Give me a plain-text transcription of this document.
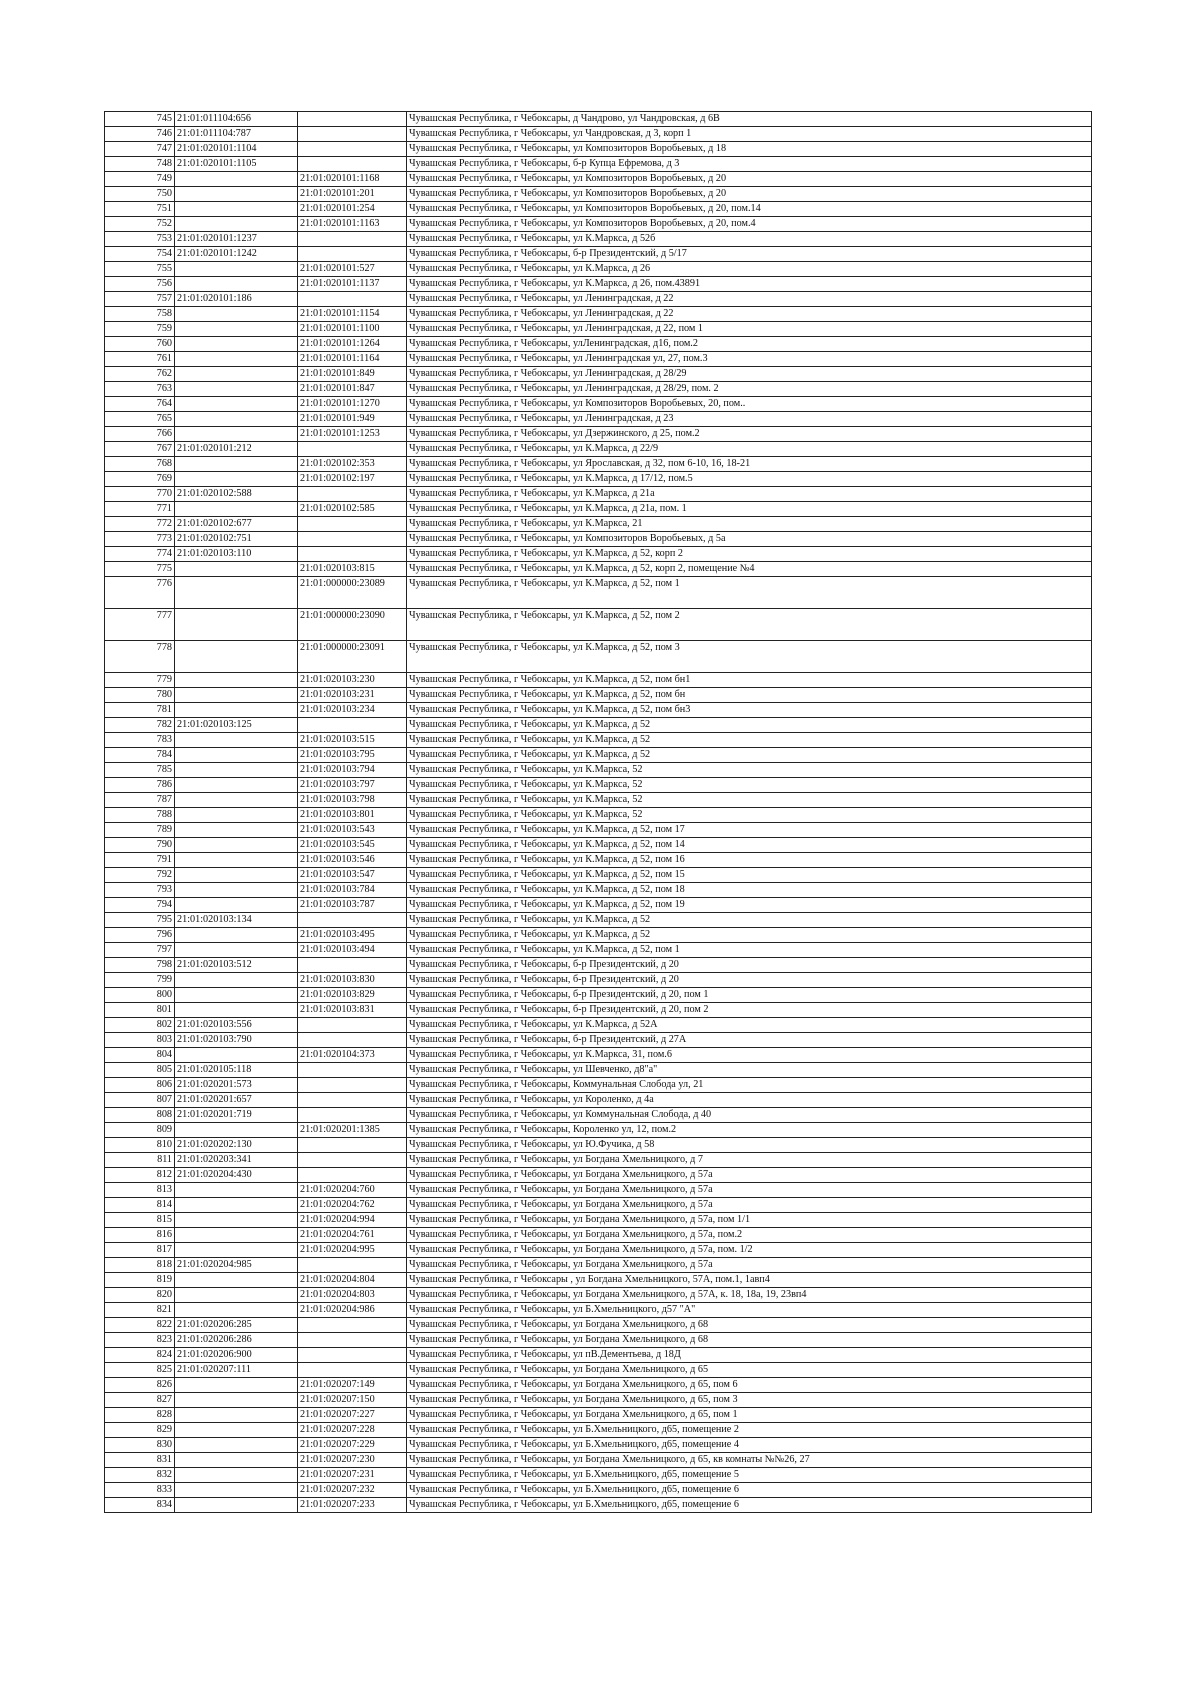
745	21:01:011104:656		Чувашская Республика, г Чебоксары, д Чандрово, ул Чандровская, д 6В
746	21:01:011104:787		Чувашская Республика, г Чебоксары, ул Чандровская, д 3, корп 1
747	21:01:020101:1104		Чувашская Республика, г Чебоксары, ул Композиторов Воробьевых, д 18
748	21:01:020101:1105		Чувашская Республика, г Чебоксары, б-р Купца Ефремова, д 3
749		21:01:020101:1168	Чувашская Республика, г Чебоксары, ул Композиторов Воробьевых, д 20
750		21:01:020101:201	Чувашская Республика, г Чебоксары, ул Композиторов Воробьевых, д 20
751		21:01:020101:254	Чувашская Республика, г Чебоксары, ул Композиторов Воробьевых, д 20, пом.14
752		21:01:020101:1163	Чувашская Республика, г Чебоксары, ул Композиторов Воробьевых, д 20, пом.4
753	21:01:020101:1237		Чувашская Республика, г Чебоксары, ул К.Маркса, д 52б
754	21:01:020101:1242		Чувашская Республика, г Чебоксары, б-р Президентский, д 5/17
755		21:01:020101:527	Чувашская Республика, г Чебоксары, ул К.Маркса, д 26
756		21:01:020101:1137	Чувашская Республика, г Чебоксары, ул К.Маркса, д 26, пом.43891
757	21:01:020101:186		Чувашская Республика, г Чебоксары, ул Ленинградская, д 22
758		21:01:020101:1154	Чувашская Республика, г Чебоксары, ул Ленинградская, д 22
759		21:01:020101:1100	Чувашская Республика, г Чебоксары, ул Ленинградская, д 22, пом 1
760		21:01:020101:1264	Чувашская Республика, г Чебоксары, улЛенинградская, д16, пом.2
761		21:01:020101:1164	Чувашская Республика, г Чебоксары, ул Ленинградская ул, 27, пом.3
762		21:01:020101:849	Чувашская Республика, г Чебоксары, ул Ленинградская, д 28/29
763		21:01:020101:847	Чувашская Республика, г Чебоксары, ул Ленинградская, д 28/29, пом. 2
764		21:01:020101:1270	Чувашская Республика, г Чебоксары, ул Композиторов Воробьевых, 20, пом..
765		21:01:020101:949	Чувашская Республика, г Чебоксары, ул Ленинградская, д 23
766		21:01:020101:1253	Чувашская Республика, г Чебоксары, ул Дзержинского, д 25, пом.2
767	21:01:020101:212		Чувашская Республика, г Чебоксары, ул К.Маркса, д 22/9
768		21:01:020102:353	Чувашская Республика, г Чебоксары, ул Ярославская, д 32, пом 6-10, 16, 18-21
769		21:01:020102:197	Чувашская Республика, г Чебоксары, ул К.Маркса, д 17/12, пом.5
770	21:01:020102:588		Чувашская Республика, г Чебоксары, ул К.Маркса, д 21а
771		21:01:020102:585	Чувашская Республика, г Чебоксары, ул К.Маркса, д 21а, пом. 1
772	21:01:020102:677		Чувашская Республика, г Чебоксары, ул К.Маркса, 21
773	21:01:020102:751		Чувашская Республика, г Чебоксары, ул Композиторов Воробьевых, д 5а
774	21:01:020103:110		Чувашская Республика, г Чебоксары, ул К.Маркса, д 52, корп 2
775		21:01:020103:815	Чувашская Республика, г Чебоксары, ул К.Маркса, д 52, корп 2, помещение №4
776		21:01:000000:23089	Чувашская Республика, г Чебоксары, ул К.Маркса, д 52, пом 1
777		21:01:000000:23090	Чувашская Республика, г Чебоксары, ул К.Маркса, д 52, пом 2
778		21:01:000000:23091	Чувашская Республика, г Чебоксары, ул К.Маркса, д 52, пом 3
779		21:01:020103:230	Чувашская Республика, г Чебоксары, ул К.Маркса, д 52, пом бн1
780		21:01:020103:231	Чувашская Республика, г Чебоксары, ул К.Маркса, д 52, пом бн
781		21:01:020103:234	Чувашская Республика, г Чебоксары, ул К.Маркса, д 52, пом бн3
782	21:01:020103:125		Чувашская Республика, г Чебоксары, ул К.Маркса, д 52
783		21:01:020103:515	Чувашская Республика, г Чебоксары, ул К.Маркса, д 52
784		21:01:020103:795	Чувашская Республика, г Чебоксары, ул К.Маркса, д 52
785		21:01:020103:794	Чувашская Республика, г Чебоксары, ул К.Маркса, 52
786		21:01:020103:797	Чувашская Республика, г Чебоксары, ул К.Маркса, 52
787		21:01:020103:798	Чувашская Республика, г Чебоксары, ул К.Маркса, 52
788		21:01:020103:801	Чувашская Республика, г Чебоксары, ул К.Маркса, 52
789		21:01:020103:543	Чувашская Республика, г Чебоксары, ул К.Маркса, д 52, пом 17
790		21:01:020103:545	Чувашская Республика, г Чебоксары, ул К.Маркса, д 52, пом 14
791		21:01:020103:546	Чувашская Республика, г Чебоксары, ул К.Маркса, д 52, пом 16
792		21:01:020103:547	Чувашская Республика, г Чебоксары, ул К.Маркса, д 52, пом 15
793		21:01:020103:784	Чувашская Республика, г Чебоксары, ул К.Маркса, д 52, пом 18
794		21:01:020103:787	Чувашская Республика, г Чебоксары, ул К.Маркса, д 52, пом 19
795	21:01:020103:134		Чувашская Республика, г Чебоксары, ул К.Маркса, д 52
796		21:01:020103:495	Чувашская Республика, г Чебоксары, ул К.Маркса, д 52
797		21:01:020103:494	Чувашская Республика, г Чебоксары, ул К.Маркса, д 52, пом 1
798	21:01:020103:512		Чувашская Республика, г Чебоксары, б-р Президентский, д 20
799		21:01:020103:830	Чувашская Республика, г Чебоксары, б-р Президентский, д 20
800		21:01:020103:829	Чувашская Республика, г Чебоксары, б-р Президентский, д 20, пом 1
801		21:01:020103:831	Чувашская Республика, г Чебоксары, б-р Президентский, д 20, пом 2
802	21:01:020103:556		Чувашская Республика, г Чебоксары, ул К.Маркса, д 52А
803	21:01:020103:790		Чувашская Республика, г Чебоксары, б-р Президентский, д 27А
804		21:01:020104:373	Чувашская Республика, г Чебоксары, ул К.Маркса, 31, пом.6
805	21:01:020105:118		Чувашская Республика, г Чебоксары, ул Шевченко, д8"а"
806	21:01:020201:573		Чувашская Республика, г Чебоксары, Коммунальная Слобода ул, 21
807	21:01:020201:657		Чувашская Республика, г Чебоксары, ул Короленко, д 4а
808	21:01:020201:719		Чувашская Республика, г Чебоксары, ул Коммунальная Слобода, д 40
809		21:01:020201:1385	Чувашская Республика, г Чебоксары, Короленко ул, 12, пом.2
810	21:01:020202:130		Чувашская Республика, г Чебоксары, ул Ю.Фучика, д 58
811	21:01:020203:341		Чувашская Республика, г Чебоксары, ул Богдана Хмельницкого, д 7
812	21:01:020204:430		Чувашская Республика, г Чебоксары, ул Богдана Хмельницкого, д 57а
813		21:01:020204:760	Чувашская Республика, г Чебоксары, ул Богдана Хмельницкого, д 57а
814		21:01:020204:762	Чувашская Республика, г Чебоксары, ул Богдана Хмельницкого, д 57а
815		21:01:020204:994	Чувашская Республика, г Чебоксары, ул Богдана Хмельницкого, д 57а, пом 1/1
816		21:01:020204:761	Чувашская Республика, г Чебоксары, ул Богдана Хмельницкого, д 57а, пом.2
817		21:01:020204:995	Чувашская Республика, г Чебоксары, ул Богдана Хмельницкого, д 57а, пом. 1/2
818	21:01:020204:985		Чувашская Республика, г Чебоксары, ул Богдана Хмельницкого, д 57а
819		21:01:020204:804	Чувашская Республика, г Чебоксары , ул Богдана Хмельницкого, 57А, пом.1, 1авп4
820		21:01:020204:803	Чувашская Республика, г Чебоксары, ул Богдана Хмельницкого, д 57А, к. 18, 18а, 19, 23вп4
821		21:01:020204:986	Чувашская Республика, г Чебоксары, ул Б.Хмельницкого, д57 "А"
822	21:01:020206:285		Чувашская Республика, г Чебоксары, ул Богдана Хмельницкого, д 68
823	21:01:020206:286		Чувашская Республика, г Чебоксары, ул Богдана Хмельницкого, д 68
824	21:01:020206:900		Чувашская Республика, г Чебоксары, ул пВ.Дементьева, д 18Д
825	21:01:020207:111		Чувашская Республика, г Чебоксары, ул Богдана Хмельницкого, д 65
826		21:01:020207:149	Чувашская Республика, г Чебоксары, ул Богдана Хмельницкого, д 65, пом 6
827		21:01:020207:150	Чувашская Республика, г Чебоксары, ул Богдана Хмельницкого, д 65, пом 3
828		21:01:020207:227	Чувашская Республика, г Чебоксары, ул Богдана Хмельницкого, д 65, пом 1
829		21:01:020207:228	Чувашская Республика, г Чебоксары, ул Б.Хмельницкого, д65, помещение 2
830		21:01:020207:229	Чувашская Республика, г Чебоксары, ул Б.Хмельницкого, д65, помещение 4
831		21:01:020207:230	Чувашская Республика, г Чебоксары, ул Богдана Хмельницкого, д 65, кв комнаты №№26, 27
832		21:01:020207:231	Чувашская Республика, г Чебоксары, ул Б.Хмельницкого, д65, помещение 5
833		21:01:020207:232	Чувашская Республика, г Чебоксары, ул Б.Хмельницкого, д65, помещение 6
834		21:01:020207:233	Чувашская Республика, г Чебоксары, ул Б.Хмельницкого, д65, помещение 6
